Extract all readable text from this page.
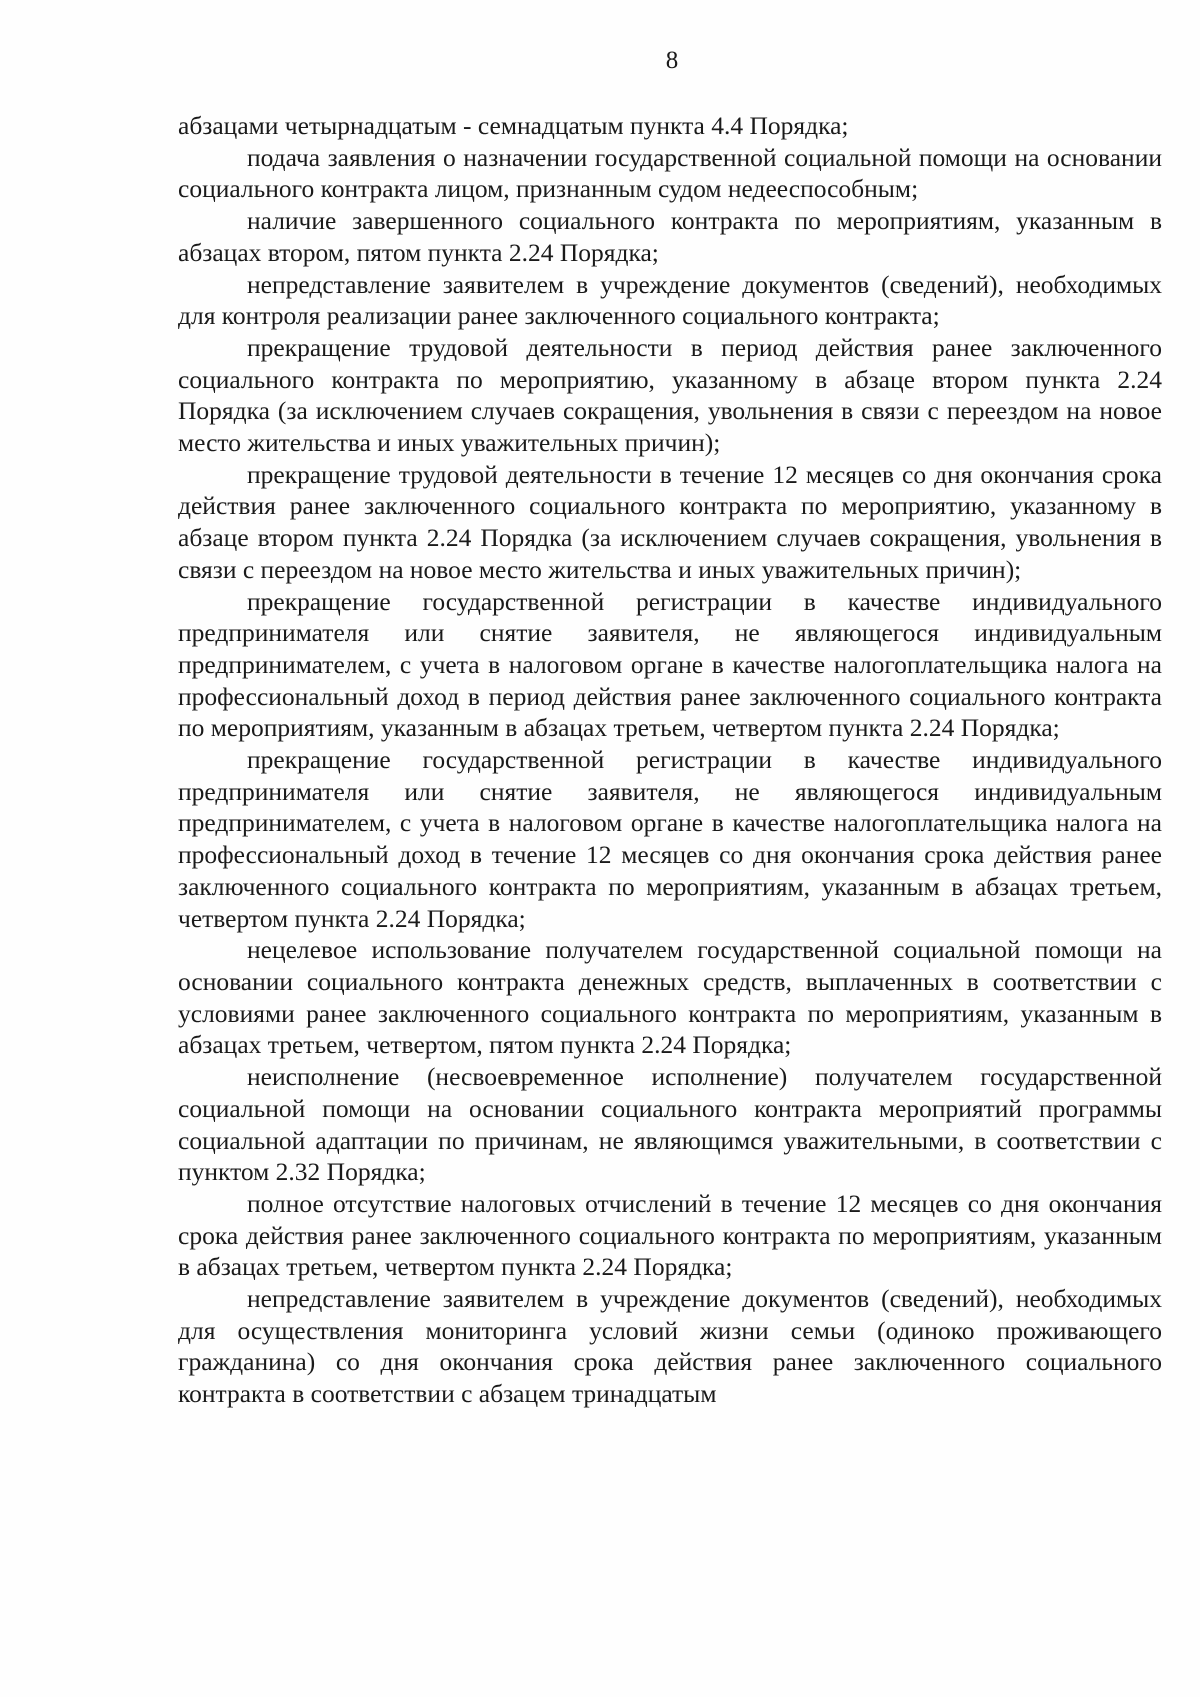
8

абзацами четырнадцатым - семнадцатым пункта 4.4 Порядка;

подача заявления о назначении государственной социальной помощи на основании социального контракта лицом, признанным судом недееспособным;

наличие завершенного социального контракта по мероприятиям, указанным в абзацах втором, пятом пункта 2.24 Порядка;

непредставление заявителем в учреждение документов (сведений), необходимых для контроля реализации ранее заключенного социального контракта;

прекращение трудовой деятельности в период действия ранее заключенного социального контракта по мероприятию, указанному в абзаце втором пункта 2.24 Порядка (за исключением случаев сокращения, увольнения в связи с переездом на новое место жительства и иных уважительных причин);

прекращение трудовой деятельности в течение 12 месяцев со дня окончания срока действия ранее заключенного социального контракта по мероприятию, указанному в абзаце втором пункта 2.24 Порядка (за исключением случаев сокращения, увольнения в связи с переездом на новое место жительства и иных уважительных причин);

прекращение государственной регистрации в качестве индивидуального предпринимателя или снятие заявителя, не являющегося индивидуальным предпринимателем, с учета в налоговом органе в качестве налогоплательщика налога на профессиональный доход в период действия ранее заключенного социального контракта по мероприятиям, указанным в абзацах третьем, четвертом пункта 2.24 Порядка;

прекращение государственной регистрации в качестве индивидуального предпринимателя или снятие заявителя, не являющегося индивидуальным предпринимателем, с учета в налоговом органе в качестве налогоплательщика налога на профессиональный доход в течение 12 месяцев со дня окончания срока действия ранее заключенного социального контракта по мероприятиям, указанным в абзацах третьем, четвертом пункта 2.24 Порядка;

нецелевое использование получателем государственной социальной помощи на основании социального контракта денежных средств, выплаченных в соответствии с условиями ранее заключенного социального контракта по мероприятиям, указанным в абзацах третьем, четвертом, пятом пункта 2.24 Порядка;

неисполнение (несвоевременное исполнение) получателем государственной социальной помощи на основании социального контракта мероприятий программы социальной адаптации по причинам, не являющимся уважительными, в соответствии с пунктом 2.32 Порядка;

полное отсутствие налоговых отчислений в течение 12 месяцев со дня окончания срока действия ранее заключенного социального контракта по мероприятиям, указанным в абзацах третьем, четвертом пункта 2.24 Порядка;

непредставление заявителем в учреждение документов (сведений), необходимых для осуществления мониторинга условий жизни семьи (одиноко проживающего гражданина) со дня окончания срока действия ранее заключенного социального контракта в соответствии с абзацем тринадцатым
